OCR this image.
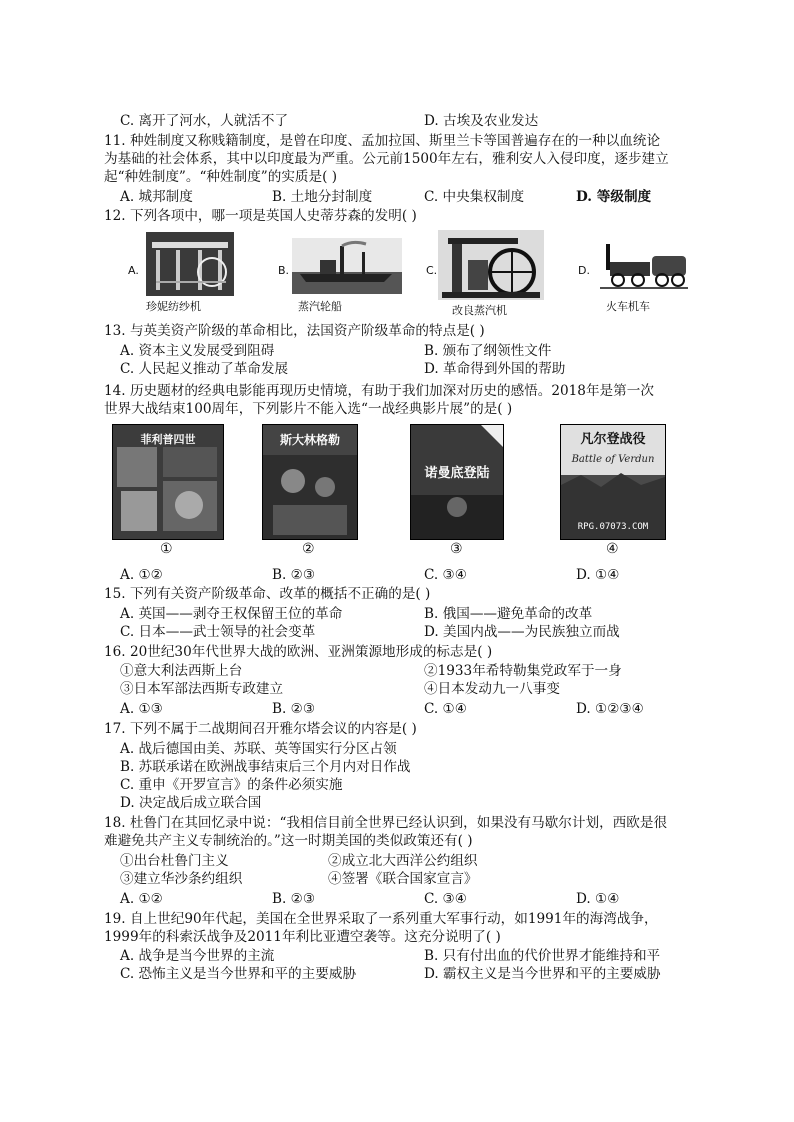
C. 离开了河水，人就活不了	D. 古埃及农业发达
11. 种姓制度又称贱籍制度，是曾在印度、孟加拉国、斯里兰卡等国普遍存在的一种以血统论
为基础的社会体系，其中以印度最为严重。公元前1500年左右，雅利安人入侵印度，逐步建立
起“种姓制度”。“种姓制度”的实质是( )
A. 城邦制度	B. 土地分封制度	C. 中央集权制度	D. 等级制度
12. 下列各项中，哪一项是英国人史蒂芬森的发明( )
A.
珍妮纺纱机
B.
蒸汽轮船
C.
改良蒸汽机
D.
火车机车
13. 与英美资产阶级的革命相比，法国资产阶级革命的特点是( )
A. 资本主义发展受到阻碍	B. 颁布了纲领性文件
C. 人民起义推动了革命发展	D. 革命得到外国的帮助
14. 历史题材的经典电影能再现历史情境，有助于我们加深对历史的感悟。2018年是第一次
世界大战结束100周年，下列影片不能入选“一战经典影片展”的是( )
菲利普四世
①
斯大林格勒
②
诺曼底登陆
③
凡尔登战役
Battle of Verdun
RPG.07073.COM
④
A. ①②	B. ②③	C. ③④	D. ①④
15. 下列有关资产阶级革命、改革的概括不正确的是( )
A. 英国——剥夺王权保留王位的革命	B. 俄国——避免革命的改革
C. 日本——武士领导的社会变革	D. 美国内战——为民族独立而战
16. 20世纪30年代世界大战的欧洲、亚洲策源地形成的标志是( )
①意大利法西斯上台	②1933年希特勒集党政军于一身
③日本军部法西斯专政建立	④日本发动九一八事变
A. ①③	B. ②③	C. ①④	D. ①②③④
17. 下列不属于二战期间召开雅尔塔会议的内容是( )
A. 战后德国由美、苏联、英等国实行分区占领
B. 苏联承诺在欧洲战事结束后三个月内对日作战
C. 重申《开罗宣言》的条件必须实施
D. 决定战后成立联合国
18. 杜鲁门在其回忆录中说：“我相信目前全世界已经认识到，如果没有马歇尔计划，西欧是很
难避免共产主义专制统治的。”这一时期美国的类似政策还有( )
①出台杜鲁门主义	②成立北大西洋公约组织
③建立华沙条约组织	④签署《联合国家宣言》
A. ①②	B. ②③	C. ③④	D. ①④
19. 自上世纪90年代起，美国在全世界采取了一系列重大军事行动，如1991年的海湾战争，
1999年的科索沃战争及2011年利比亚遭空袭等。这充分说明了( )
A. 战争是当今世界的主流	B. 只有付出血的代价世界才能维持和平
C. 恐怖主义是当今世界和平的主要威胁	D. 霸权主义是当今世界和平的主要威胁
